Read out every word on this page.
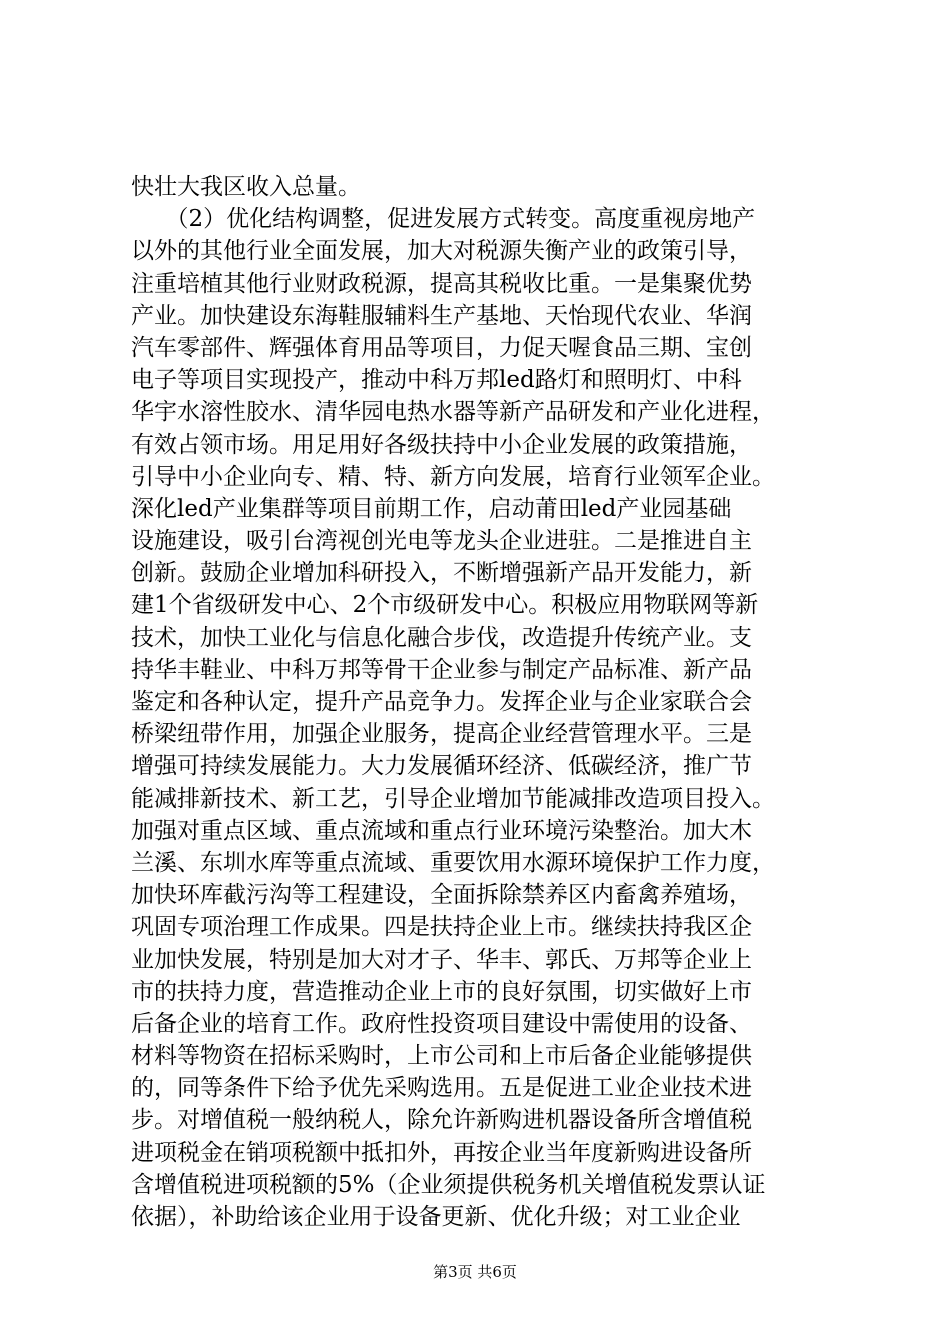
快壮大我区收入总量。
　　（2）优化结构调整，促进发展方式转变。高度重视房地产
以外的其他行业全面发展，加大对税源失衡产业的政策引导，
注重培植其他行业财政税源，提高其税收比重。一是集聚优势
产业。加快建设东海鞋服辅料生产基地、天怡现代农业、华润
汽车零部件、辉强体育用品等项目，力促天喔食品三期、宝创
电子等项目实现投产，推动中科万邦led路灯和照明灯、中科
华宇水溶性胶水、清华园电热水器等新产品研发和产业化进程，
有效占领市场。用足用好各级扶持中小企业发展的政策措施，
引导中小企业向专、精、特、新方向发展，培育行业领军企业。
深化led产业集群等项目前期工作，启动莆田led产业园基础
设施建设，吸引台湾视创光电等龙头企业进驻。二是推进自主
创新。鼓励企业增加科研投入，不断增强新产品开发能力，新
建1个省级研发中心、2个市级研发中心。积极应用物联网等新
技术，加快工业化与信息化融合步伐，改造提升传统产业。支
持华丰鞋业、中科万邦等骨干企业参与制定产品标准、新产品
鉴定和各种认定，提升产品竞争力。发挥企业与企业家联合会
桥梁纽带作用，加强企业服务，提高企业经营管理水平。三是
增强可持续发展能力。大力发展循环经济、低碳经济，推广节
能减排新技术、新工艺，引导企业增加节能减排改造项目投入。
加强对重点区域、重点流域和重点行业环境污染整治。加大木
兰溪、东圳水库等重点流域、重要饮用水源环境保护工作力度，
加快环库截污沟等工程建设，全面拆除禁养区内畜禽养殖场，
巩固专项治理工作成果。四是扶持企业上市。继续扶持我区企
业加快发展，特别是加大对才子、华丰、郭氏、万邦等企业上
市的扶持力度，营造推动企业上市的良好氛围，切实做好上市
后备企业的培育工作。政府性投资项目建设中需使用的设备、
材料等物资在招标采购时，上市公司和上市后备企业能够提供
的，同等条件下给予优先采购选用。五是促进工业企业技术进
步。对增值税一般纳税人，除允许新购进机器设备所含增值税
进项税金在销项税额中抵扣外，再按企业当年度新购进设备所
含增值税进项税额的5%（企业须提供税务机关增值税发票认证
依据），补助给该企业用于设备更新、优化升级；对工业企业
第3页 共6页
